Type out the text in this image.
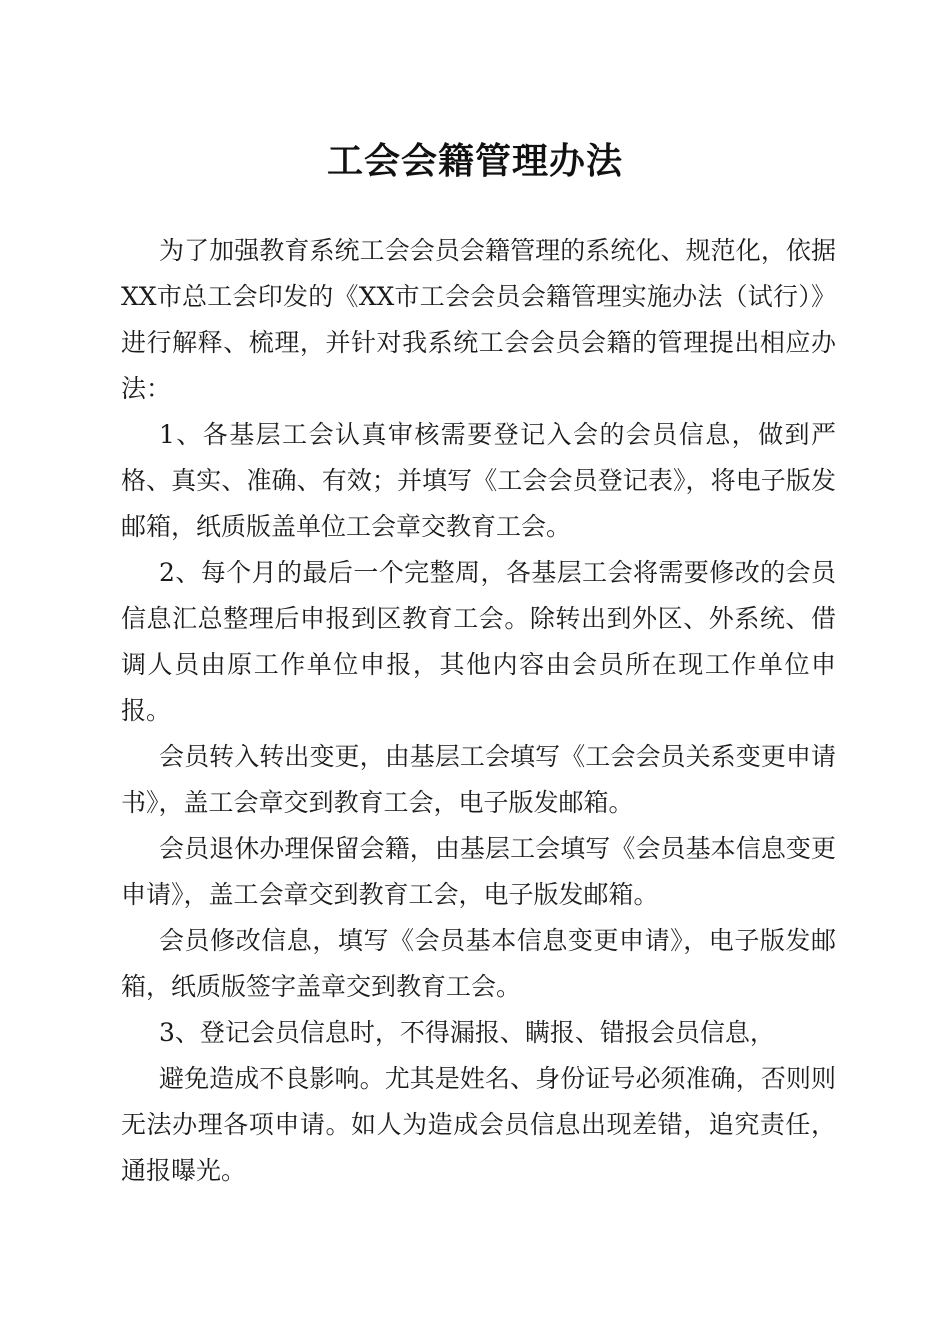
工会会籍管理办法

为了加强教育系统工会会员会籍管理的系统化、规范化，依据XX市总工会印发的《XX市工会会员会籍管理实施办法（试行）》进行解释、梳理，并针对我系统工会会员会籍的管理提出相应办法：

1、各基层工会认真审核需要登记入会的会员信息，做到严格、真实、准确、有效；并填写《工会会员登记表》，将电子版发邮箱，纸质版盖单位工会章交教育工会。

2、每个月的最后一个完整周，各基层工会将需要修改的会员信息汇总整理后申报到区教育工会。除转出到外区、外系统、借调人员由原工作单位申报，其他内容由会员所在现工作单位申报。

会员转入转出变更，由基层工会填写《工会会员关系变更申请书》，盖工会章交到教育工会，电子版发邮箱。

会员退休办理保留会籍，由基层工会填写《会员基本信息变更申请》，盖工会章交到教育工会，电子版发邮箱。

会员修改信息，填写《会员基本信息变更申请》，电子版发邮箱，纸质版签字盖章交到教育工会。

3、登记会员信息时，不得漏报、瞒报、错报会员信息，

避免造成不良影响。尤其是姓名、身份证号必须准确，否则则无法办理各项申请。如人为造成会员信息出现差错，追究责任，通报曝光。
